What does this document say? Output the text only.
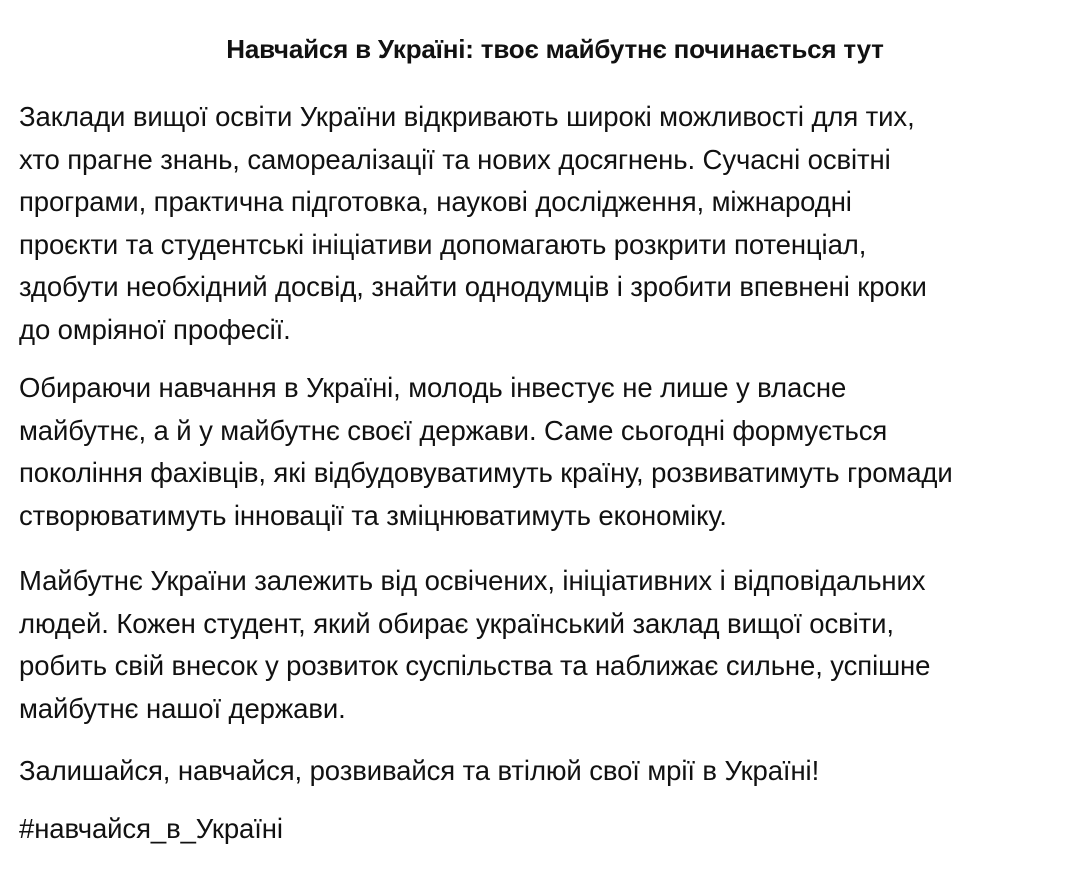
Навчайся в Україні: твоє майбутнє починається тут

Заклади вищої освіти України відкривають широкі можливості для тих,
хто прагне знань, самореалізації та нових досягнень. Сучасні освітні
програми, практична підготовка, наукові дослідження, міжнародні
проєкти та студентські ініціативи допомагають розкрити потенціал,
здобути необхідний досвід, знайти однодумців і зробити впевнені кроки
до омріяної професії.

Обираючи навчання в Україні, молодь інвестує не лише у власне
майбутнє, а й у майбутнє своєї держави. Саме сьогодні формується
покоління фахівців, які відбудовуватимуть країну, розвиватимуть громади
створюватимуть інновації та зміцнюватимуть економіку.

Майбутнє України залежить від освічених, ініціативних і відповідальних
людей. Кожен студент, який обирає український заклад вищої освіти,
робить свій внесок у розвиток суспільства та наближає сильне, успішне
майбутнє нашої держави.

Залишайся, навчайся, розвивайся та втілюй свої мрії в Україні!

#навчайся_в_Україні
